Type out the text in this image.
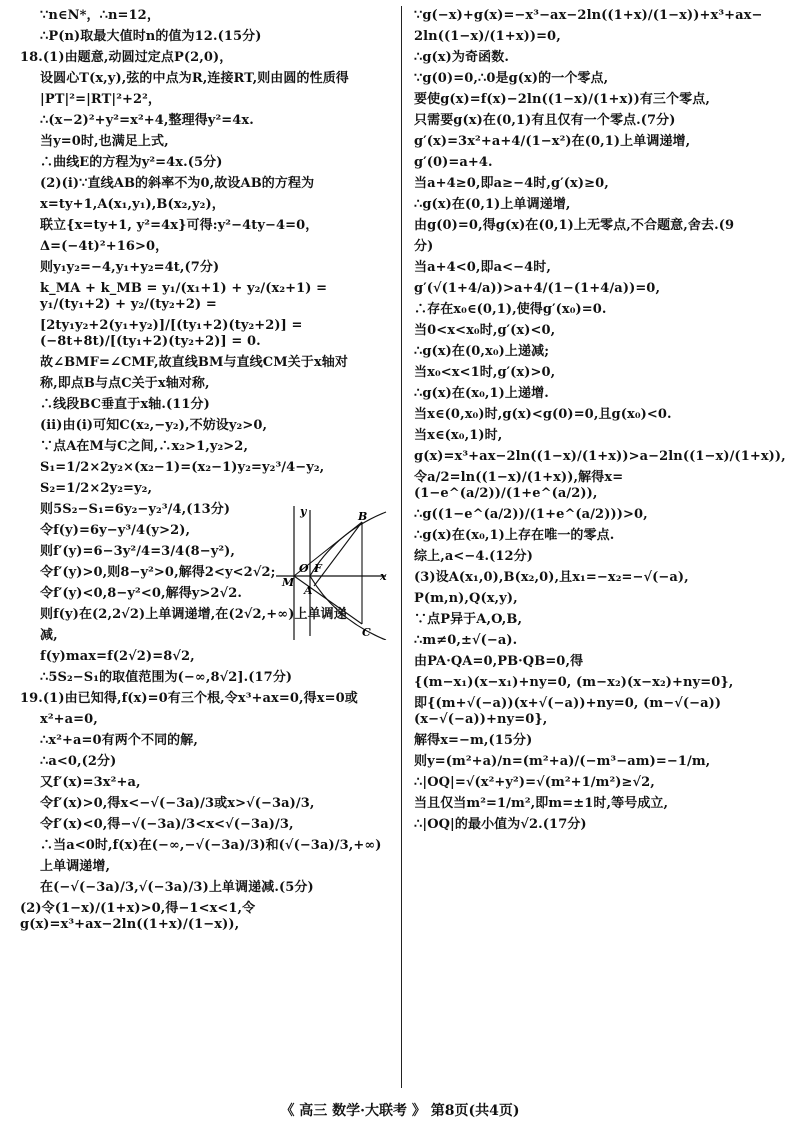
∵n∈N*，∴n=12，
∴P(n)取最大值时n的值为12.(15分)
18.(1)由题意,动圆过定点P(2,0)，
设圆心T(x,y),弦的中点为R,连接RT,则由圆的性质得
|PT|²=|RT|²+2²，
∴(x−2)²+y²=x²+4,整理得y²=4x.
当y=0时,也满足上式,
∴曲线E的方程为y²=4x.(5分)
(2)(ⅰ)∵直线AB的斜率不为0,故设AB的方程为
x=ty+1,A(x₁,y₁),B(x₂,y₂)，
联立{x=ty+1, y²=4x}可得:y²−4ty−4=0，
Δ=(−4t)²+16>0，
则y₁y₂=−4,y₁+y₂=4t,(7分)
k_MA + k_MB = y₁/(x₁+1) + y₂/(x₂+1) = y₁/(ty₁+2) + y₂/(ty₂+2) =
[2ty₁y₂+2(y₁+y₂)]/[(ty₁+2)(ty₂+2)] = (−8t+8t)/[(ty₁+2)(ty₂+2)] = 0.
故∠BMF=∠CMF,故直线BM与直线CM关于x轴对
称,即点B与点C关于x轴对称,
∴线段BC垂直于x轴.(11分)
(ⅱ)由(ⅰ)可知C(x₂,−y₂),不妨设y₂>0,
∵点A在M与C之间,∴x₂>1,y₂>2,
S₁=1/2×2y₂×(x₂−1)=(x₂−1)y₂=y₂³/4−y₂,
S₂=1/2×2y₂=y₂,
则5S₂−S₁=6y₂−y₂³/4,(13分)
令f(y)=6y−y³/4(y>2),
则f′(y)=6−3y²/4=3/4(8−y²),
令f′(y)>0,则8−y²>0,解得2<y<2√2;
令f′(y)<0,8−y²<0,解得y>2√2.
则f(y)在(2,2√2)上单调递增,在(2√2,+∞)上单调递
减,
f(y)max=f(2√2)=8√2,
∴5S₂−S₁的取值范围为(−∞,8√2].(17分)
19.(1)由已知得,f(x)=0有三个根,令x³+ax=0,得x=0或
x²+a=0,
∴x²+a=0有两个不同的解,
∴a<0,(2分)
又f′(x)=3x²+a,
令f′(x)>0,得x<−√(−3a)/3或x>√(−3a)/3,
令f′(x)<0,得−√(−3a)/3<x<√(−3a)/3,
∴当a<0时,f(x)在(−∞,−√(−3a)/3)和(√(−3a)/3,+∞)
上单调递增,
在(−√(−3a)/3,√(−3a)/3)上单调递减.(5分)
(2)令(1−x)/(1+x)>0,得−1<x<1,令g(x)=x³+ax−2ln((1+x)/(1−x)),
∵g(−x)+g(x)=−x³−ax−2ln((1+x)/(1−x))+x³+ax−
2ln((1−x)/(1+x))=0,
∴g(x)为奇函数.
∵g(0)=0,∴0是g(x)的一个零点,
要使g(x)=f(x)−2ln((1−x)/(1+x))有三个零点,
只需要g(x)在(0,1)有且仅有一个零点.(7分)
g′(x)=3x²+a+4/(1−x²)在(0,1)上单调递增,
g′(0)=a+4.
当a+4≥0,即a≥−4时,g′(x)≥0,
∴g(x)在(0,1)上单调递增,
由g(0)=0,得g(x)在(0,1)上无零点,不合题意,舍去.(9
分)
当a+4<0,即a<−4时,
g′(√(1+4/a))>a+4/(1−(1+4/a))=0,
∴存在x₀∈(0,1),使得g′(x₀)=0.
当0<x<x₀时,g′(x)<0,
∴g(x)在(0,x₀)上递减;
当x₀<x<1时,g′(x)>0,
∴g(x)在(x₀,1)上递增.
当x∈(0,x₀)时,g(x)<g(0)=0,且g(x₀)<0.
当x∈(x₀,1)时,
g(x)=x³+ax−2ln((1−x)/(1+x))>a−2ln((1−x)/(1+x)),
令a/2=ln((1−x)/(1+x)),解得x=(1−e^(a/2))/(1+e^(a/2)),
∴g((1−e^(a/2))/(1+e^(a/2)))>0,
∴g(x)在(x₀,1)上存在唯一的零点.
综上,a<−4.(12分)
(3)设A(x₁,0),B(x₂,0),且x₁=−x₂=−√(−a),
P(m,n),Q(x,y),
∵点P异于A,O,B,
∴m≠0,±√(−a).
由PA·QA=0,PB·QB=0,得
{(m−x₁)(x−x₁)+ny=0, (m−x₂)(x−x₂)+ny=0},
即{(m+√(−a))(x+√(−a))+ny=0, (m−√(−a))(x−√(−a))+ny=0},
解得x=−m,(15分)
则y=(m²+a)/n=(m²+a)/(−m³−am)=−1/m,
∴|OQ|=√(x²+y²)=√(m²+1/m²)≥√2,
当且仅当m²=1/m²,即m=±1时,等号成立,
∴|OQ|的最小值为√2.(17分)
y
x
B
C
M
O F
A
《 高三 数学·大联考 》 第8页(共4页)
